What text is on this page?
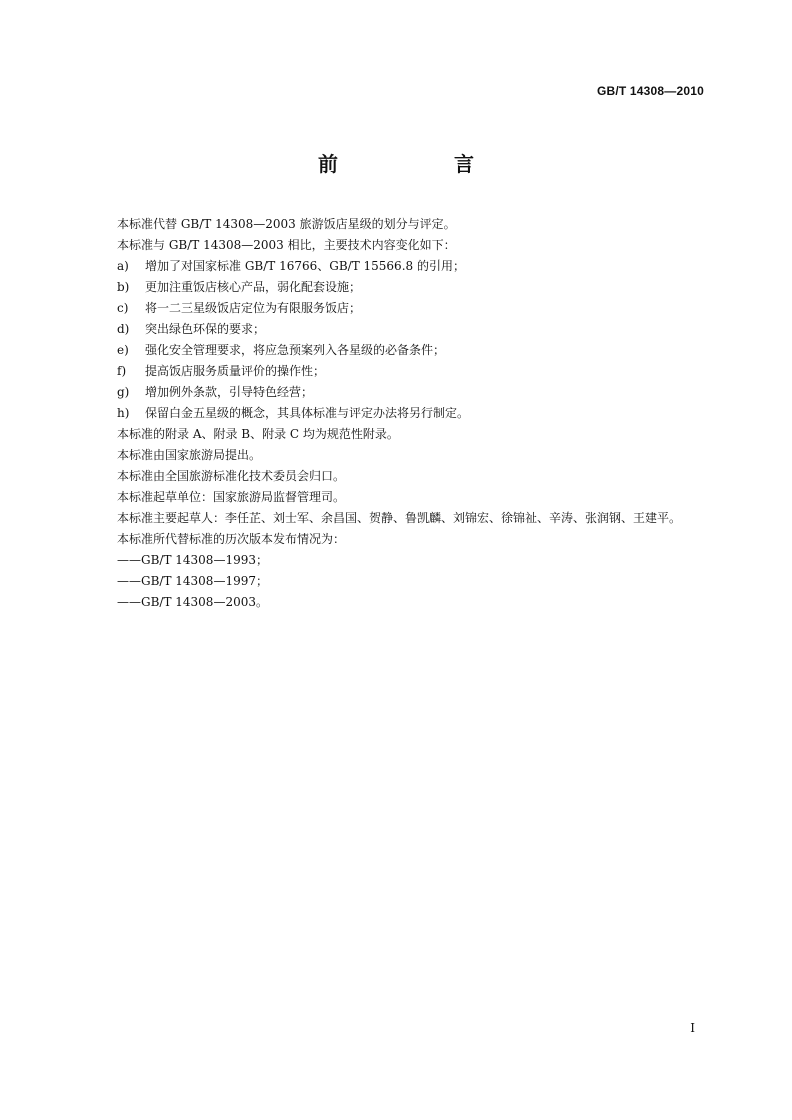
GB/T 14308—2010
前　言
本标准代替 GB/T 14308—2003 旅游饭店星级的划分与评定。
本标准与 GB/T 14308—2003 相比，主要技术内容变化如下：
a)	增加了对国家标准 GB/T 16766、GB/T 15566.8 的引用；
b)	更加注重饭店核心产品，弱化配套设施；
c)	将一二三星级饭店定位为有限服务饭店；
d)	突出绿色环保的要求；
e)	强化安全管理要求，将应急预案列入各星级的必备条件；
f)	提高饭店服务质量评价的操作性；
g)	增加例外条款，引导特色经营；
h)	保留白金五星级的概念，其具体标准与评定办法将另行制定。
本标准的附录 A、附录 B、附录 C 均为规范性附录。
本标准由国家旅游局提出。
本标准由全国旅游标准化技术委员会归口。
本标准起草单位：国家旅游局监督管理司。
本标准主要起草人：李任芷、刘士军、余昌国、贺静、鲁凯麟、刘锦宏、徐锦祉、辛涛、张润钢、王建平。
本标准所代替标准的历次版本发布情况为：
——GB/T 14308—1993；
——GB/T 14308—1997；
——GB/T 14308—2003。
I
